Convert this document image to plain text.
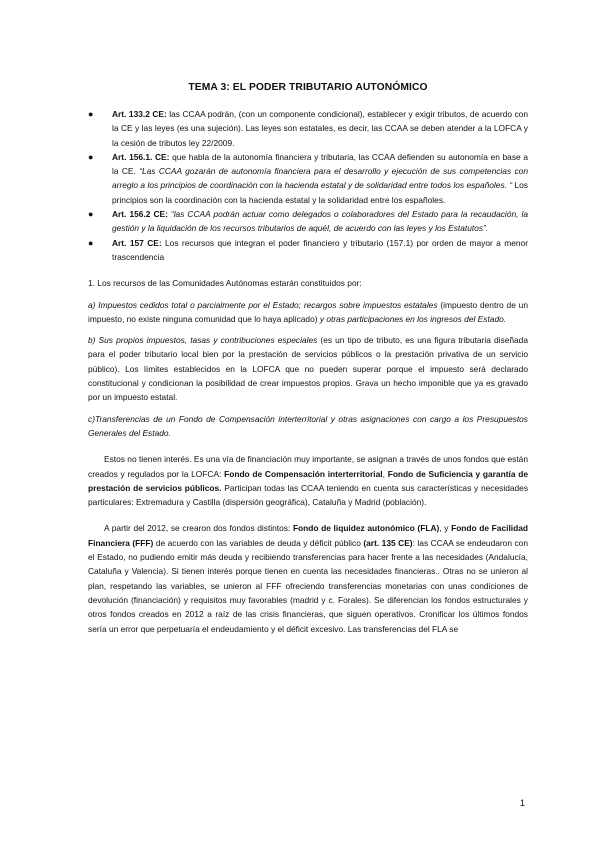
TEMA 3: EL PODER TRIBUTARIO AUTONÓMICO
● Art. 133.2 CE: las CCAA podrán, (con un componente condicional), establecer y exigir tributos, de acuerdo con la CE y las leyes (es una sujeción). Las leyes son estatales, es decir, las CCAA se deben atender a la LOFCA y la cesión de tributos ley 22/2009.
● Art. 156.1. CE: que habla de la autonomía financiera y tributaria, las CCAA defienden su autonomía en base a la CE. “Las CCAA gozarán de autonomía financiera para el desarrollo y ejecución de sus competencias con arreglo a los principios de coordinación con la hacienda estatal y de solidaridad entre todos los españoles. “ Los principios son la coordinación con la hacienda estatal y la solidaridad entre los españoles.
● Art. 156.2 CE: “las CCAA podrán actuar como delegados o colaboradores del Estado para la recaudación, la gestión y la liquidación de los recursos tributarios de aquél, de acuerdo con las leyes y los Estatutos”.
● Art. 157 CE: Los recursos que integran el poder financiero y tributario (157.1) por orden de mayor a menor trascendencia

1. Los recursos de las Comunidades Autónomas estarán constituidos por:

a) Impuestos cedidos total o parcialmente por el Estado; recargos sobre impuestos estatales (impuesto dentro de un impuesto, no existe ninguna comunidad que lo haya aplicado) y otras participaciones en los ingresos del Estado.

b) Sus propios impuestos, tasas y contribuciones especiales (es un tipo de tributo, es una figura tributaria diseñada para el poder tributario local bien por la prestación de servicios públicos o la prestación privativa de un servicio público). Los límites establecidos en la LOFCA que no pueden superar porque el impuesto será declarado constitucional y condicionan la posibilidad de crear impuestos propios. Grava un hecho imponible que ya es gravado por un impuesto estatal.

c)Transferencias de un Fondo de Compensación interterritorial y otras asignaciones con cargo a los Presupuestos Generales del Estado.

Estos no tienen interés. Es una vía de financiación muy importante, se asignan a través de unos fondos que están creados y regulados por la LOFCA: Fondo de Compensación interterritorial, Fondo de Suficiencia y garantía de prestación de servicios públicos. Participan todas las CCAA teniendo en cuenta sus características y necesidades particulares: Extremadura y Castilla (dispersión geográfica), Cataluña y Madrid (población).

A partir del 2012, se crearon dos fondos distintos: Fondo de liquidez autonómico (FLA), y Fondo de Facilidad Financiera (FFF) de acuerdo con las variables de deuda y déficit público (art. 135 CE): las CCAA se endeudaron con el Estado, no pudiendo emitir más deuda y recibiendo transferencias para hacer frente a las necesidades (Andalucía, Cataluña y Valencia). Si tienen interés porque tienen en cuenta las necesidades financieras.. Otras no se unieron al plan, respetando las variables, se unieron al FFF ofreciendo transferencias monetarias con unas condiciones de devolución (financiación) y requisitos muy favorables (madrid y c. Forales). Se diferencian los fondos estructurales y otros fondos creados en 2012 a raíz de las crisis financieras, que siguen operativos. Cronificar los últimos fondos sería un error que perpetuaría el endeudamiento y el déficit excesivo. Las transferencias del FLA se

1
